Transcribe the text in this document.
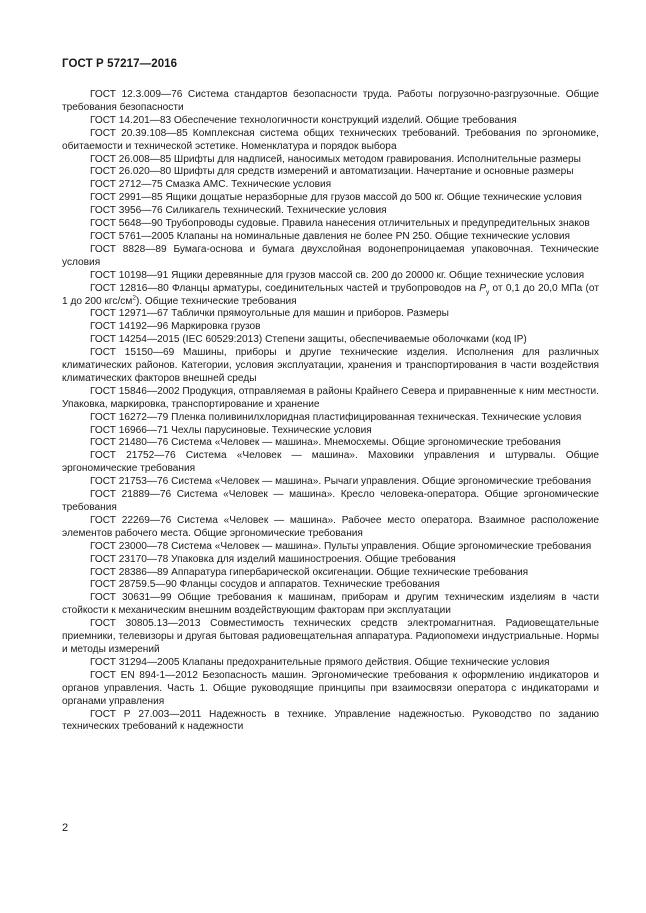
ГОСТ Р 57217—2016

ГОСТ 12.3.009—76 Система стандартов безопасности труда. Работы погрузочно-разгрузочные. Общие требования безопасности

ГОСТ 14.201—83 Обеспечение технологичности конструкций изделий. Общие требования

ГОСТ 20.39.108—85 Комплексная система общих технических требований. Требования по эргономике, обитаемости и технической эстетике. Номенклатура и порядок выбора

ГОСТ 26.008—85 Шрифты для надписей, наносимых методом гравирования. Исполнительные размеры

ГОСТ 26.020—80 Шрифты для средств измерений и автоматизации. Начертание и основные размеры

ГОСТ 2712—75 Смазка АМС. Технические условия

ГОСТ 2991—85 Ящики дощатые неразборные для грузов массой до 500 кг. Общие технические условия

ГОСТ 3956—76 Силикагель технический. Технические условия

ГОСТ 5648—90 Трубопроводы судовые. Правила нанесения отличительных и предупредительных знаков

ГОСТ 5761—2005 Клапаны на номинальные давления не более PN 250. Общие технические условия

ГОСТ 8828—89 Бумага-основа и бумага двухслойная водонепроницаемая упаковочная. Технические условия

ГОСТ 10198—91 Ящики деревянные для грузов массой св. 200 до 20000 кг. Общие технические условия

ГОСТ 12816—80 Фланцы арматуры, соединительных частей и трубопроводов на $P_y$ от 0,1 до 20,0 МПа (от 1 до 200 кгс/$см^2$). Общие технические требования

ГОСТ 12971—67 Таблички прямоугольные для машин и приборов. Размеры

ГОСТ 14192—96 Маркировка грузов

ГОСТ 14254—2015 (IEC 60529:2013) Степени защиты, обеспечиваемые оболочками (код IP)

ГОСТ 15150—69 Машины, приборы и другие технические изделия. Исполнения для различных климатических районов. Категории, условия эксплуатации, хранения и транспортирования в части воздействия климатических факторов внешней среды

ГОСТ 15846—2002 Продукция, отправляемая в районы Крайнего Севера и приравненные к ним местности. Упаковка, маркировка, транспортирование и хранение

ГОСТ 16272—79 Пленка поливинилхлоридная пластифицированная техническая. Технические условия

ГОСТ 16966—71 Чехлы парусиновые. Технические условия

ГОСТ 21480—76 Система «Человек — машина». Мнемосхемы. Общие эргономические требования

ГОСТ 21752—76 Система «Человек — машина». Маховики управления и штурвалы. Общие эргономические требования

ГОСТ 21753—76 Система «Человек — машина». Рычаги управления. Общие эргономические требования

ГОСТ 21889—76 Система «Человек — машина». Кресло человека-оператора. Общие эргономические требования

ГОСТ 22269—76 Система «Человек — машина». Рабочее место оператора. Взаимное расположение элементов рабочего места. Общие эргономические требования

ГОСТ 23000—78 Система «Человек — машина». Пульты управления. Общие эргономические требования

ГОСТ 23170—78 Упаковка для изделий машиностроения. Общие требования

ГОСТ 28386—89 Аппаратура гипербарической оксигенации. Общие технические требования

ГОСТ 28759.5—90 Фланцы сосудов и аппаратов. Технические требования

ГОСТ 30631—99 Общие требования к машинам, приборам и другим техническим изделиям в части стойкости к механическим внешним воздействующим факторам при эксплуатации

ГОСТ 30805.13—2013 Совместимость технических средств электромагнитная. Радиовещательные приемники, телевизоры и другая бытовая радиовещательная аппаратура. Радиопомехи индустриальные. Нормы и методы измерений

ГОСТ 31294—2005 Клапаны предохранительные прямого действия. Общие технические условия

ГОСТ EN 894-1—2012 Безопасность машин. Эргономические требования к оформлению индикаторов и органов управления. Часть 1. Общие руководящие принципы при взаимосвязи оператора с индикаторами и органами управления

ГОСТ Р 27.003—2011 Надежность в технике. Управление надежностью. Руководство по заданию технических требований к надежности

2
